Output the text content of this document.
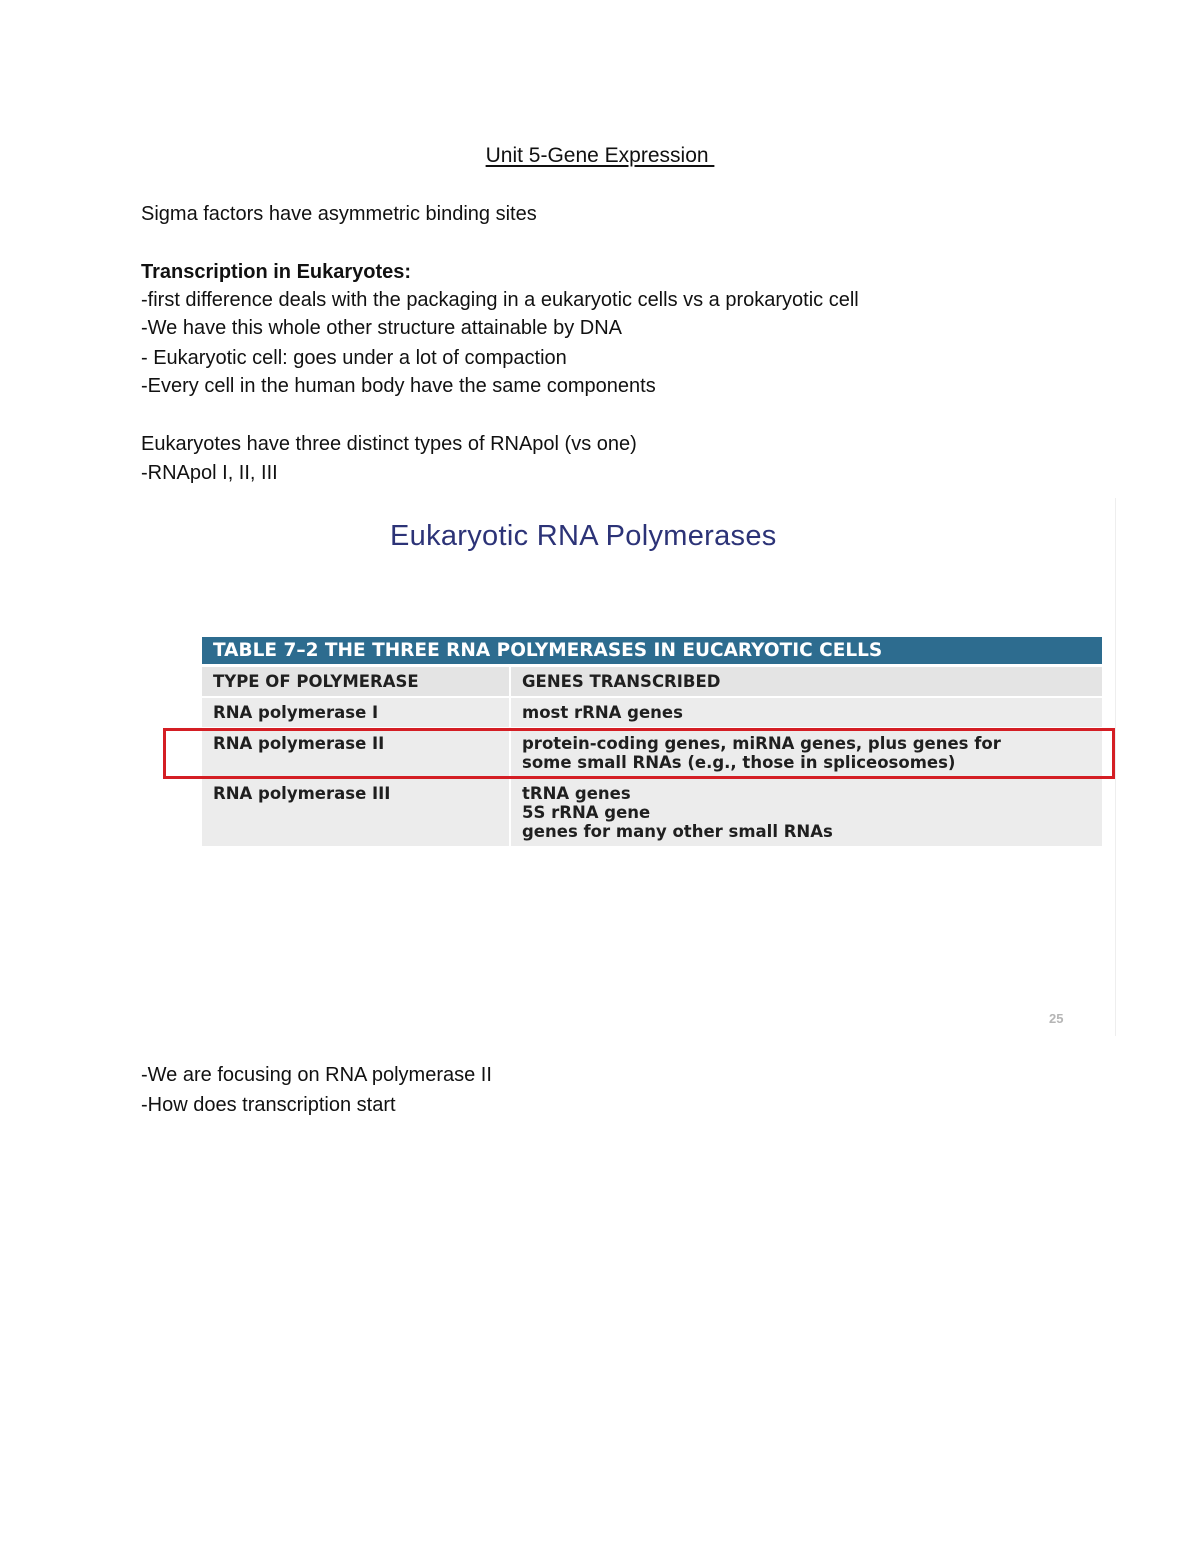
Unit 5-Gene Expression
Sigma factors have asymmetric binding sites
Transcription in Eukaryotes:
-first difference deals with the packaging in a eukaryotic cells vs a prokaryotic cell
-We have this whole other structure attainable by DNA
- Eukaryotic cell: goes under a lot of compaction
-Every cell in the human body have the same components
Eukaryotes have three distinct types of RNApol (vs one)
-RNApol I, II, III
Eukaryotic RNA Polymerases
TABLE 7–2 THE THREE RNA POLYMERASES IN EUCARYOTIC CELLS
TYPE OF POLYMERASE	GENES TRANSCRIBED
RNA polymerase I	most rRNA genes
RNA polymerase II	protein-coding genes, miRNA genes, plus genes for
some small RNAs (e.g., those in spliceosomes)
RNA polymerase III	tRNA genes
5S rRNA gene
genes for many other small RNAs
25
-We are focusing on RNA polymerase II
-How does transcription start
